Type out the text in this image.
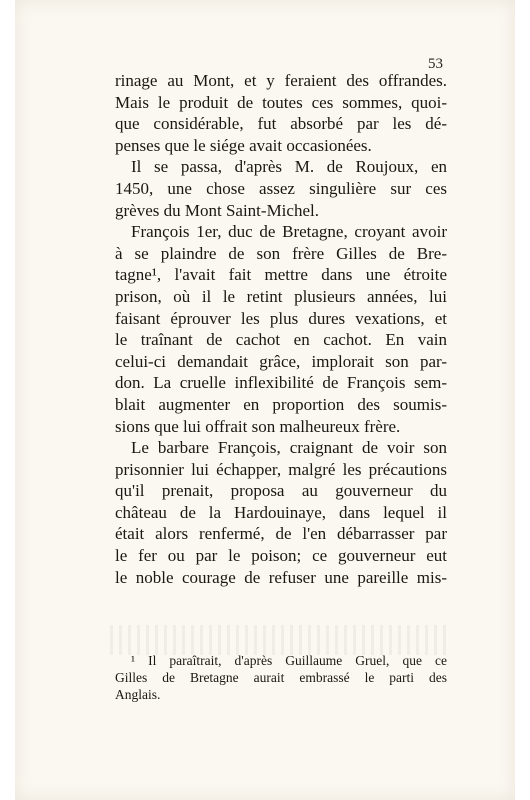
53

rinage au Mont, et y feraient des offrandes.
Mais le produit de toutes ces sommes, quoi-
que considérable, fut absorbé par les dé-
penses que le siége avait occasionées.

Il se passa, d'après M. de Roujoux, en
1450, une chose assez singulière sur ces
grèves du Mont Saint-Michel.

François 1er, duc de Bretagne, croyant avoir
à se plaindre de son frère Gilles de Bre-
tagne¹, l'avait fait mettre dans une étroite
prison, où il le retint plusieurs années, lui
faisant éprouver les plus dures vexations, et
le traînant de cachot en cachot. En vain
celui-ci demandait grâce, implorait son par-
don. La cruelle inflexibilité de François sem-
blait augmenter en proportion des soumis-
sions que lui offrait son malheureux frère.

Le barbare François, craignant de voir son
prisonnier lui échapper, malgré les précautions
qu'il prenait, proposa au gouverneur du
château de la Hardouinaye, dans lequel il
était alors renfermé, de l'en débarrasser par
le fer ou par le poison; ce gouverneur eut
le noble courage de refuser une pareille mis-

¹ Il paraîtrait, d'après Guillaume Gruel, que ce
Gilles de Bretagne aurait embrassé le parti des
Anglais.
